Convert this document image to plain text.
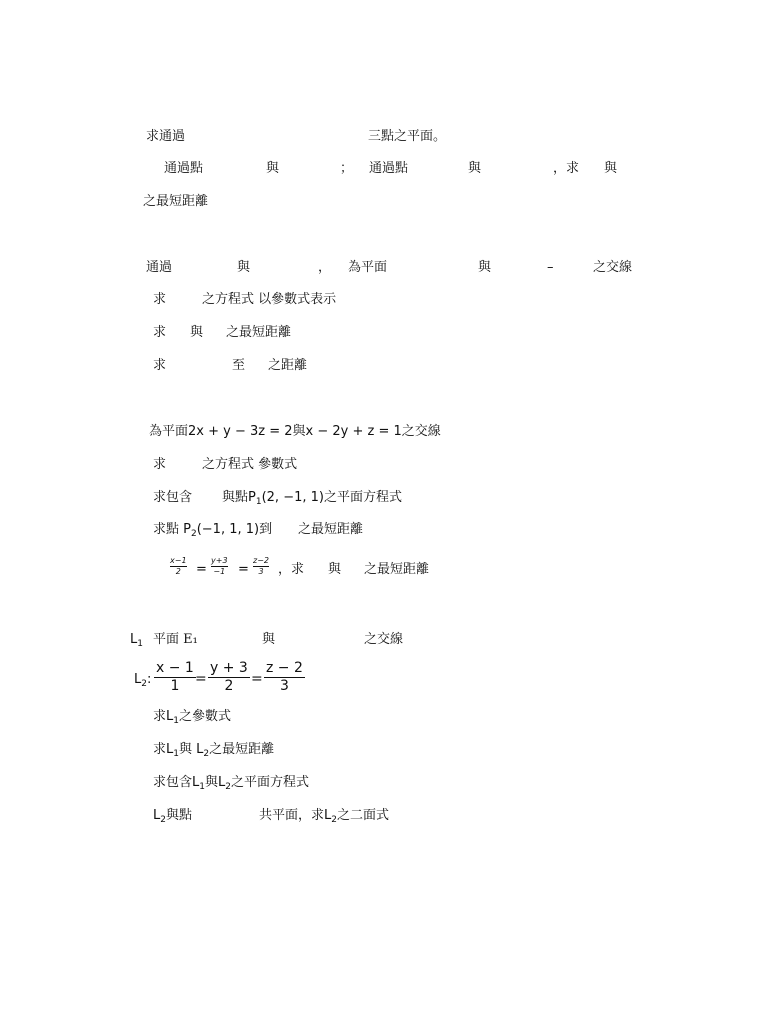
求通過	三點之平面。
通過點	與	； 通過點	與	，求 與
之最短距離
通過	與	， 為平面	與	–	之交線
求	之方程式 以參數式表示
求 與 之最短距離
求	至 之距離
為平面2x + y − 3z = 2與x − 2y + z = 1之交線
求	之方程式 參數式
求包含 與點$P_1(2$, −1, 1)之平面方程式
求點 $P_2(-1$, 1, 1)到 之最短距離
x−1
2 =
y+3
−1 =
z−2
3 ，求 與 之最短距離
$L_1$ 平面 E₁	與	之交線
$L_2$:
x − 1
1 =
y + 3
2 =
z − 2
3
求$L_1$之參數式
求$L_1$與 $L_2$之最短距離
求包含$L_1$與$L_2$之平面方程式
$L_2$與點	共平面，求$L_2$之二面式
